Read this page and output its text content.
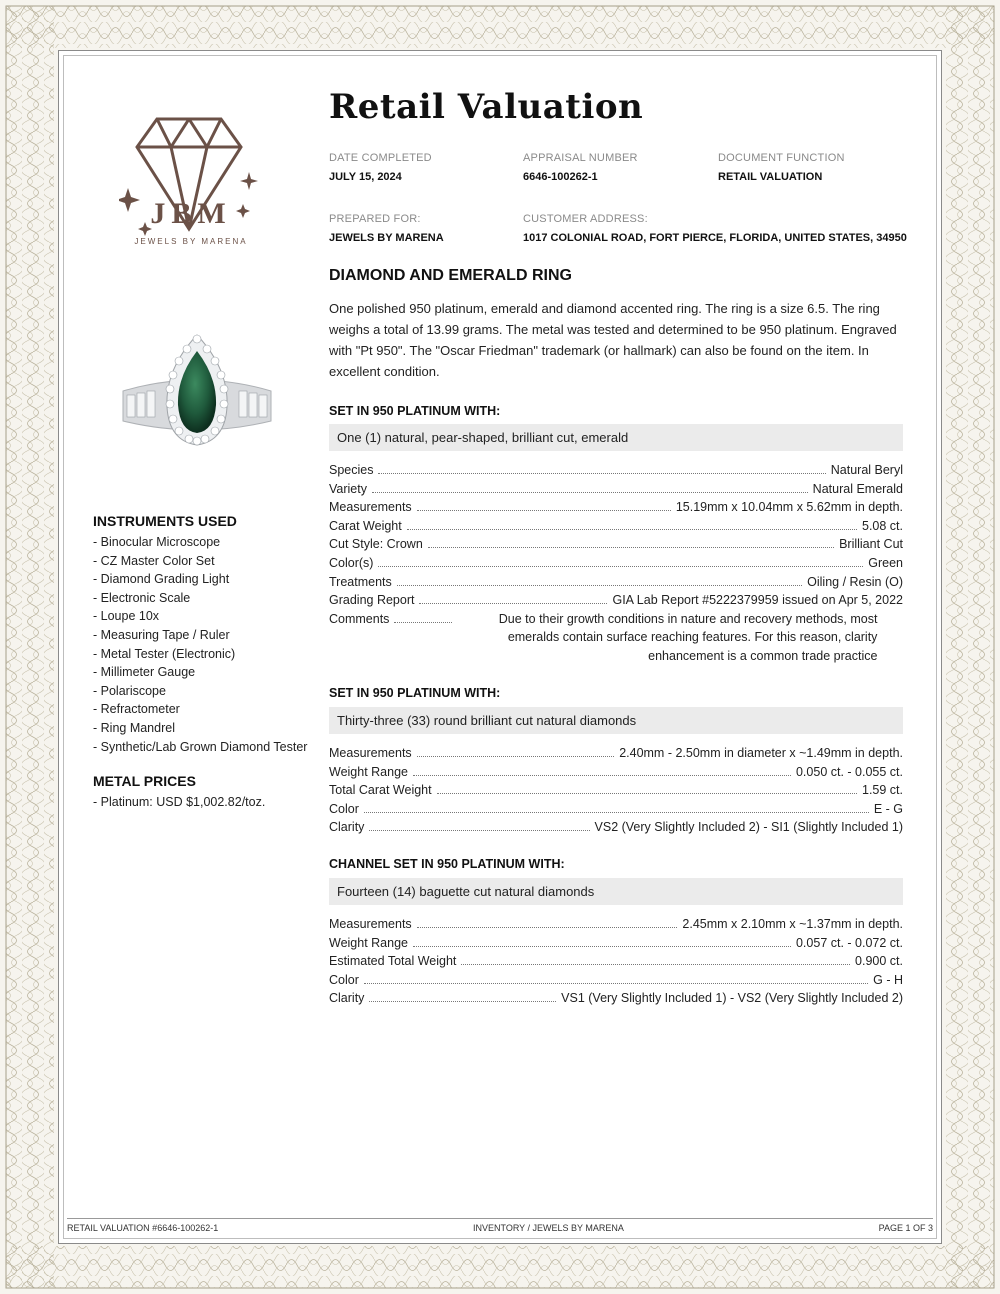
JBM
JEWELS BY MARENA
INSTRUMENTS USED
- Binocular Microscope
- CZ Master Color Set
- Diamond Grading Light
- Electronic Scale
- Loupe 10x
- Measuring Tape / Ruler
- Metal Tester (Electronic)
- Millimeter Gauge
- Polariscope
- Refractometer
- Ring Mandrel
- Synthetic/Lab Grown Diamond Tester
METAL PRICES
- Platinum: USD $1,002.82/toz.
Retail Valuation
DATE COMPLETED
JULY 15, 2024
APPRAISAL NUMBER
6646-100262-1
DOCUMENT FUNCTION
RETAIL VALUATION
PREPARED FOR:
JEWELS BY MARENA
CUSTOMER ADDRESS:
1017 COLONIAL ROAD, FORT PIERCE, FLORIDA, UNITED STATES, 34950
DIAMOND AND EMERALD RING
One polished 950 platinum, emerald and diamond accented ring. The ring is a size 6.5. The ring weighs a total of 13.99 grams. The metal was tested and determined to be 950 platinum. Engraved with "Pt 950". The "Oscar Friedman" trademark (or hallmark) can also be found on the item. In excellent condition.
SET IN 950 PLATINUM WITH:
One (1) natural, pear-shaped, brilliant cut, emerald
Species	Natural Beryl
Variety	Natural Emerald
Measurements	15.19mm x 10.04mm x 5.62mm in depth.
Carat Weight	5.08 ct.
Cut Style: Crown	Brilliant Cut
Color(s)	Green
Treatments	Oiling / Resin (O)
Grading Report	GIA Lab Report #5222379959 issued on Apr 5, 2022
Comments	Due to their growth conditions in nature and recovery methods, most emeralds contain surface reaching features. For this reason, clarity enhancement is a common trade practice
SET IN 950 PLATINUM WITH:
Thirty-three (33) round brilliant cut natural diamonds
Measurements	2.40mm - 2.50mm in diameter x ~1.49mm in depth.
Weight Range	0.050 ct. - 0.055 ct.
Total Carat Weight	1.59 ct.
Color	E - G
Clarity	VS2 (Very Slightly Included 2) - SI1 (Slightly Included 1)
CHANNEL SET IN 950 PLATINUM WITH:
Fourteen (14) baguette cut natural diamonds
Measurements	2.45mm x 2.10mm x ~1.37mm in depth.
Weight Range	0.057 ct. - 0.072 ct.
Estimated Total Weight	0.900 ct.
Color	G - H
Clarity	VS1 (Very Slightly Included 1) - VS2 (Very Slightly Included 2)
RETAIL VALUATION #6646-100262-1	INVENTORY / JEWELS BY MARENA	PAGE 1 OF 3
